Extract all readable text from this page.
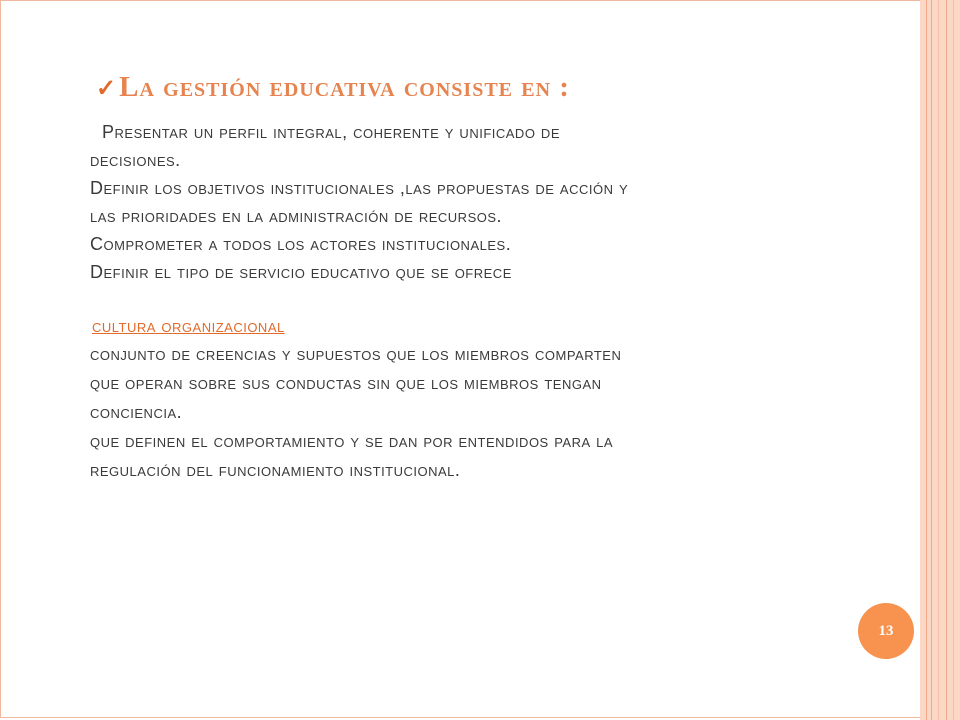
✓La gestión educativa consiste en :
Presentar un perfil integral, coherente y unificado de
decisiones.
Definir los objetivos institucionales ,las propuestas de acción y
las prioridades en la administración de recursos.
Comprometer a todos los actores institucionales.
Definir el tipo de servicio educativo que se ofrece
cultura organizacional
conjunto de creencias y supuestos que los miembros comparten
que operan sobre sus conductas sin que los miembros tengan
conciencia.
que definen el comportamiento y se dan por entendidos para la
regulación del funcionamiento institucional.
13
